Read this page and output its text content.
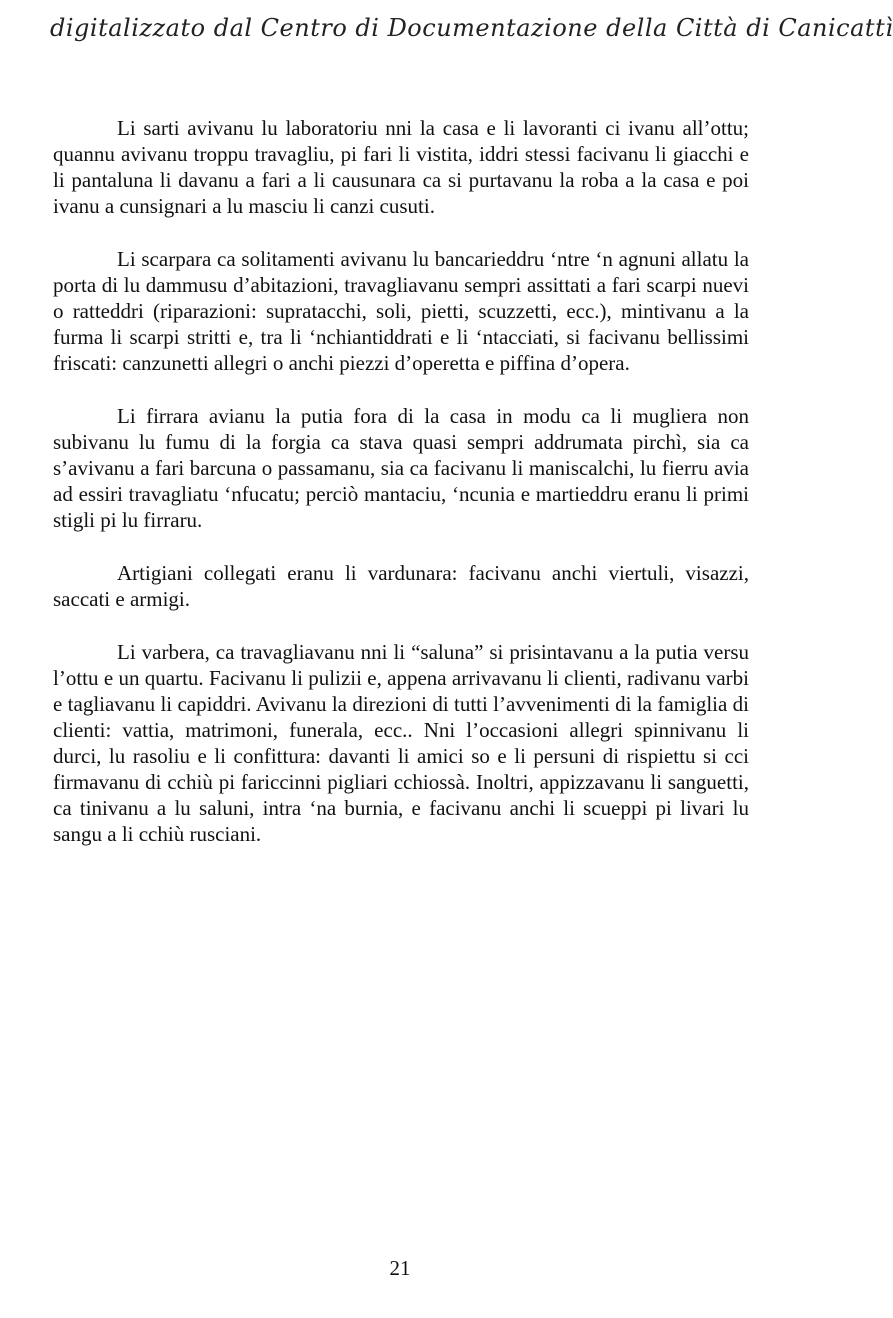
digitalizzato dal Centro di Documentazione della Città di Canicattì

Li sarti avivanu lu laboratoriu nni la casa e li lavoranti ci ivanu all’ottu; quannu avivanu troppu travagliu, pi fari li vistita, iddri stessi facivanu li giacchi e li pantaluna li davanu a fari a li causunara ca si purtavanu la roba a la casa e poi ivanu a cunsignari a lu masciu li canzi cusuti.

Li scarpara ca solitamenti avivanu lu bancarieddru ‘ntre ‘n agnuni allatu la porta di lu dammusu d’abitazioni, travagliavanu sempri assittati a fari scarpi nuevi o ratteddri (riparazioni: supratacchi, soli, pietti, scuzzetti, ecc.), mintivanu a la furma li scarpi stritti e, tra li ‘nchiantiddrati e li ‘ntacciati, si facivanu bellissimi friscati: canzunetti allegri o anchi piezzi d’operetta e piffina d’opera.

Li firrara avianu la putia fora di la casa in modu ca li mugliera non subivanu lu fumu di la forgia ca stava quasi sempri addrumata pirchì, sia ca s’avivanu a fari barcuna o passamanu, sia ca facivanu li maniscalchi, lu fierru avia ad essiri travagliatu ‘nfucatu; perciò mantaciu, ‘ncunia e martieddru eranu li primi stigli pi lu firraru.

Artigiani collegati eranu li vardunara: facivanu anchi viertuli, visazzi, saccati e armigi.

Li varbera, ca travagliavanu nni li “saluna” si prisintavanu a la putia versu l’ottu e un quartu. Facivanu li pulizii e, appena arrivavanu li clienti, radivanu varbi e tagliavanu li capiddri. Avivanu la direzioni di tutti l’avvenimenti di la famiglia di clienti: vattia, matrimoni, funerala, ecc.. Nni l’occasioni allegri spinnivanu li durci, lu rasoliu e li confittura: davanti li amici so e li persuni di rispiettu si cci firmavanu di cchiù pi fariccinni pigliari cchiossà. Inoltri, appizzavanu li sanguetti, ca tinivanu a lu saluni, intra ‘na burnia, e facivanu anchi li scueppi pi livari lu sangu a li cchiù rusciani.

21
